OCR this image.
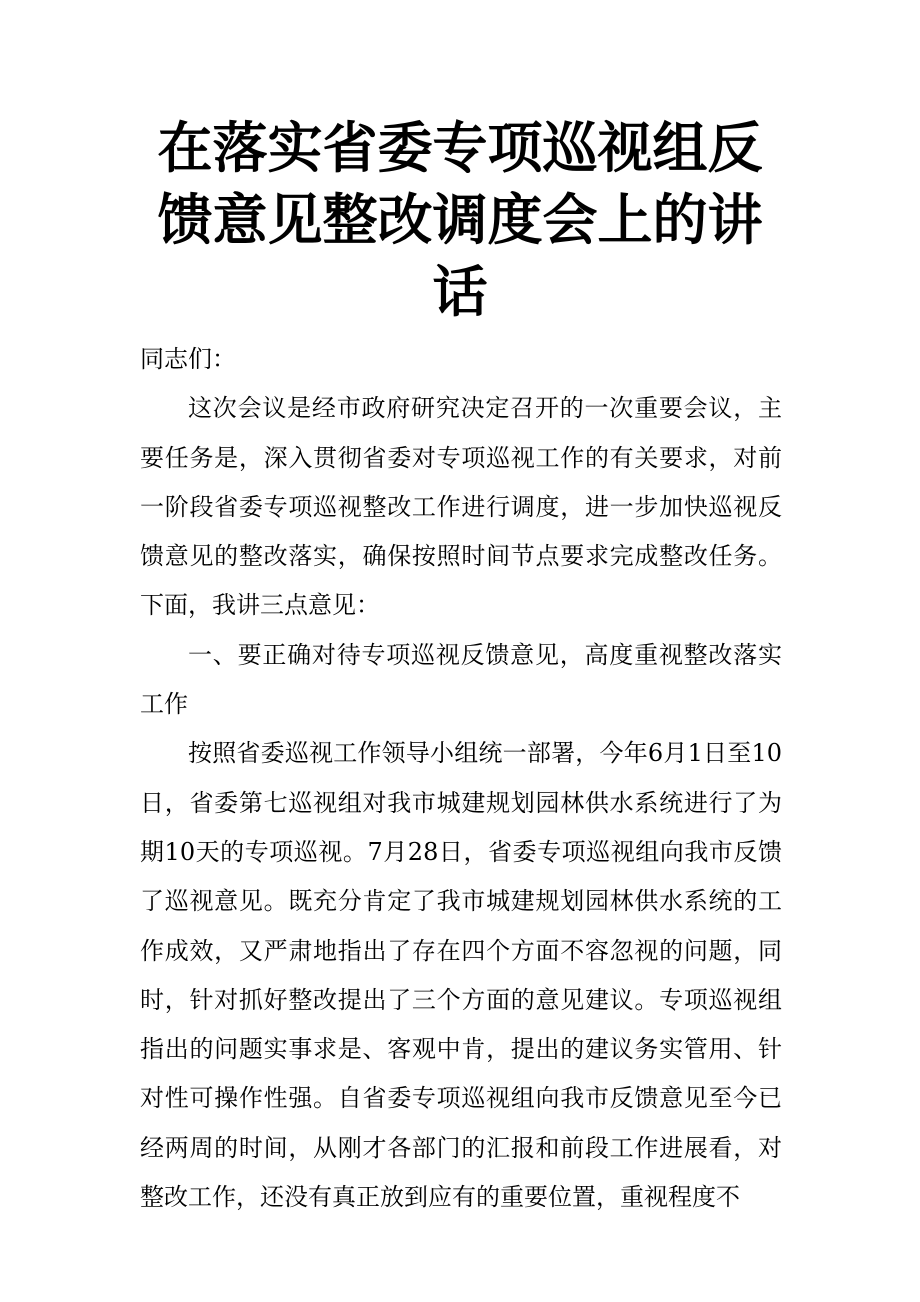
在落实省委专项巡视组反馈意见整改调度会上的讲话

同志们：

这次会议是经市政府研究决定召开的一次重要会议，主要任务是，深入贯彻省委对专项巡视工作的有关要求，对前一阶段省委专项巡视整改工作进行调度，进一步加快巡视反馈意见的整改落实，确保按照时间节点要求完成整改任务。下面，我讲三点意见：

一、要正确对待专项巡视反馈意见，高度重视整改落实工作

按照省委巡视工作领导小组统一部署，今年6月1日至10日，省委第七巡视组对我市城建规划园林供水系统进行了为期10天的专项巡视。7月28日，省委专项巡视组向我市反馈了巡视意见。既充分肯定了我市城建规划园林供水系统的工作成效，又严肃地指出了存在四个方面不容忽视的问题，同时，针对抓好整改提出了三个方面的意见建议。专项巡视组指出的问题实事求是、客观中肯，提出的建议务实管用、针对性可操作性强。自省委专项巡视组向我市反馈意见至今已经两周的时间，从刚才各部门的汇报和前段工作进展看，对整改工作，还没有真正放到应有的重要位置，重视程度不
